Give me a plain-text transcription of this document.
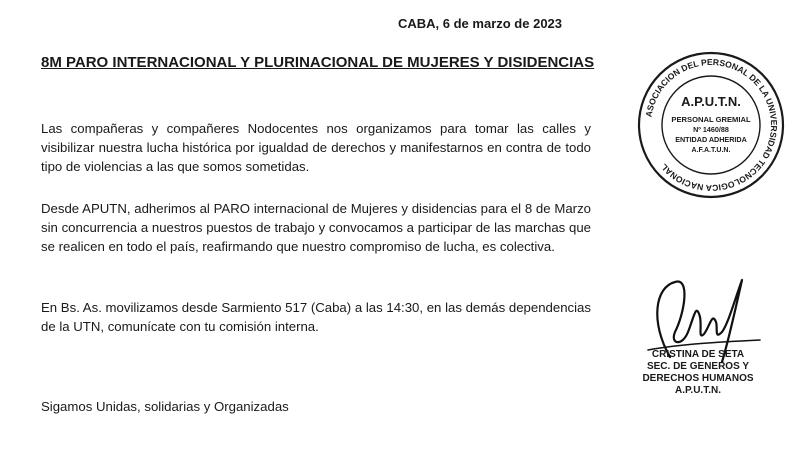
CABA, 6 de marzo de 2023
8M PARO INTERNACIONAL Y PLURINACIONAL DE MUJERES Y DISIDENCIAS

Las compañeras y compañeres Nodocentes nos organizamos para tomar las calles y visibilizar nuestra lucha histórica por igualdad de derechos y manifestarnos en contra de todo tipo de violencias a las que somos sometidas.

Desde APUTN, adherimos al PARO internacional de Mujeres y disidencias para el 8 de Marzo sin concurrencia a nuestros puestos de trabajo y convocamos a participar de las marchas que se realicen en todo el país, reafirmando que nuestro compromiso de lucha, es colectiva.

En Bs. As. movilizamos desde Sarmiento 517 (Caba) a las 14:30, en las demás dependencias de la UTN, comunícate con tu comisión interna.

Sigamos Unidas, solidarias y Organizadas
ASOCIACION DEL PERSONAL DE LA UNIVERSIDAD TECNOLOGICA NACIONAL
A.P.U.T.N.
PERSONAL GREMIAL
Nº 1460/88
ENTIDAD ADHERIDA
A.F.A.T.U.N.
CRISTINA DE SETA
SEC. DE GENEROS Y
DERECHOS HUMANOS
A.P.U.T.N.
